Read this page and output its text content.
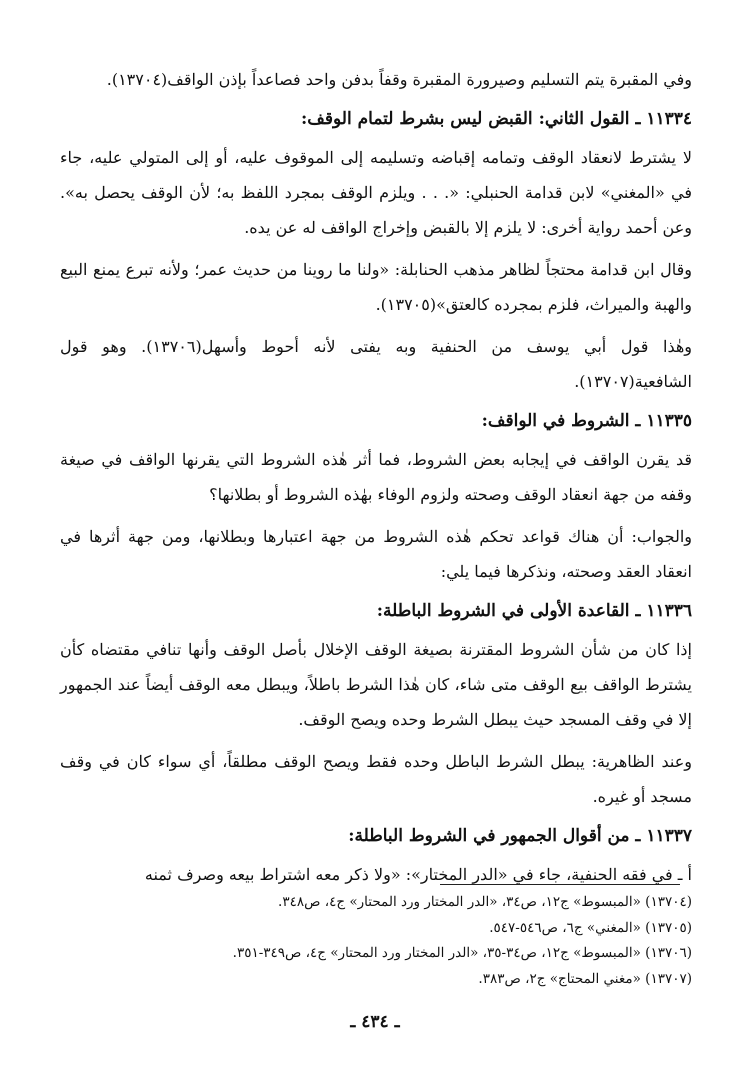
وفي المقبرة يتم التسليم وصيرورة المقبرة وقفاً بدفن واحد فصاعداً بإذن الواقف(١٣٧٠٤).

١١٣٣٤ ـ القول الثاني: القبض ليس بشرط لتمام الوقف:

لا يشترط لانعقاد الوقف وتمامه إقباضه وتسليمه إلى الموقوف عليه، أو إلى المتولي عليه، جاء في «المغني» لابن قدامة الحنبلي: «. . . ويلزم الوقف بمجرد اللفظ به؛ لأن الوقف يحصل به». وعن أحمد رواية أخرى: لا يلزم إلا بالقبض وإخراج الواقف له عن يده.

وقال ابن قدامة محتجاً لظاهر مذهب الحنابلة: «ولنا ما روينا من حديث عمر؛ ولأنه تبرع يمنع البيع والهبة والميراث، فلزم بمجرده كالعتق»(١٣٧٠٥).

وهٰذا قول أبي يوسف من الحنفية وبه يفتى لأنه أحوط وأسهل(١٣٧٠٦). وهو قول الشافعية(١٣٧٠٧).

١١٣٣٥ ـ الشروط في الواقف:

قد يقرن الواقف في إيجابه بعض الشروط، فما أثر هٰذه الشروط التي يقرنها الواقف في صيغة وقفه من جهة انعقاد الوقف وصحته ولزوم الوفاء بهٰذه الشروط أو بطلانها؟

والجواب: أن هناك قواعد تحكم هٰذه الشروط من جهة اعتبارها وبطلانها، ومن جهة أثرها في انعقاد العقد وصحته، ونذكرها فيما يلي:

١١٣٣٦ ـ القاعدة الأولى في الشروط الباطلة:

إذا كان من شأن الشروط المقترنة بصيغة الوقف الإخلال بأصل الوقف وأنها تنافي مقتضاه كأن يشترط الواقف بيع الوقف متى شاء، كان هٰذا الشرط باطلاً، ويبطل معه الوقف أيضاً عند الجمهور إلا في وقف المسجد حيث يبطل الشرط وحده ويصح الوقف.

وعند الظاهرية: يبطل الشرط الباطل وحده فقط ويصح الوقف مطلقاً، أي سواء كان في وقف مسجد أو غيره.

١١٣٣٧ ـ من أقوال الجمهور في الشروط الباطلة:

أ ـ في فقه الحنفية، جاء في «الدر المختار»: «ولا ذكر معه اشتراط بيعه وصرف ثمنه

(١٣٧٠٤) «المبسوط» ج١٢، ص٣٤، «الدر المختار ورد المحتار» ج٤، ص٣٤٨.

(١٣٧٠٥) «المغني» ج٦، ص٥٤٦-٥٤٧.

(١٣٧٠٦) «المبسوط» ج١٢، ص٣٤-٣٥، «الدر المختار ورد المحتار» ج٤، ص٣٤٩-٣٥١.

(١٣٧٠٧) «مغني المحتاج» ج٢، ص٣٨٣.

ـ ٤٣٤ ـ
